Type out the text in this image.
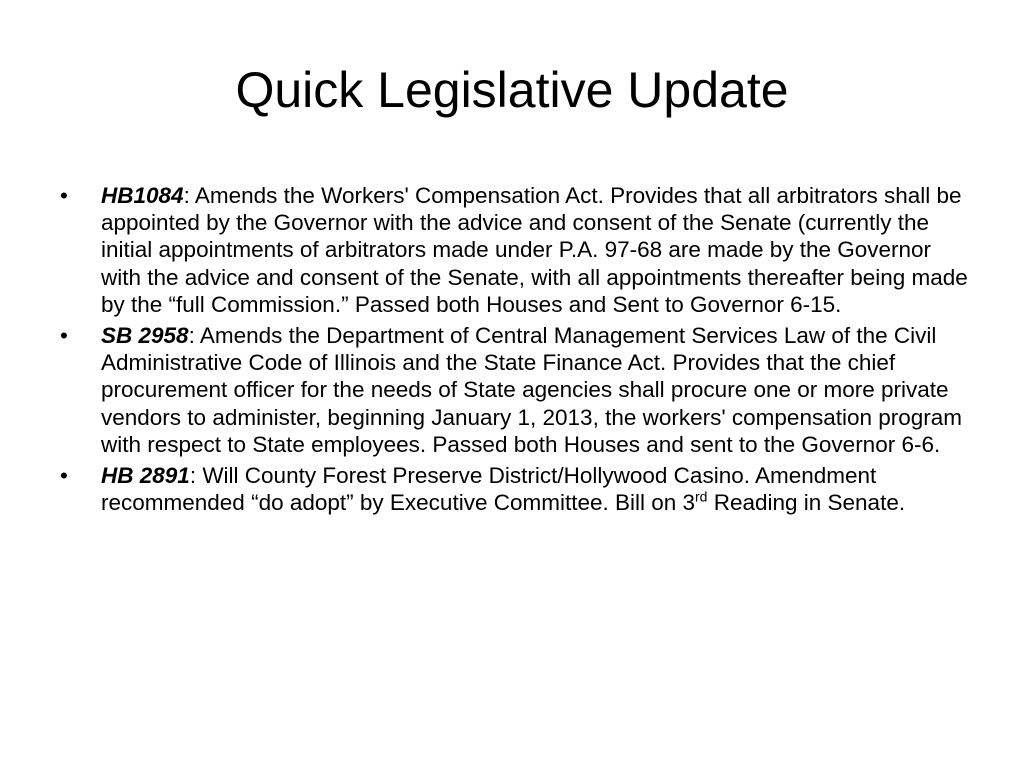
Quick Legislative Update
•	HB1084: Amends the Workers' Compensation Act. Provides that all arbitrators shall be appointed by the Governor with the advice and consent of the Senate (currently the initial appointments of arbitrators made under P.A. 97-68 are made by the Governor with the advice and consent of the Senate, with all appointments thereafter being made by the “full Commission.” Passed both Houses and Sent to Governor 6-15.
•	SB 2958: Amends the Department of Central Management Services Law of the Civil Administrative Code of Illinois and the State Finance Act. Provides that the chief procurement officer for the needs of State agencies shall procure one or more private vendors to administer, beginning January 1, 2013, the workers' compensation program with respect to State employees. Passed both Houses and sent to the Governor 6-6.
•	HB 2891: Will County Forest Preserve District/Hollywood Casino. Amendment recommended “do adopt” by Executive Committee. Bill on 3rd Reading in Senate.
